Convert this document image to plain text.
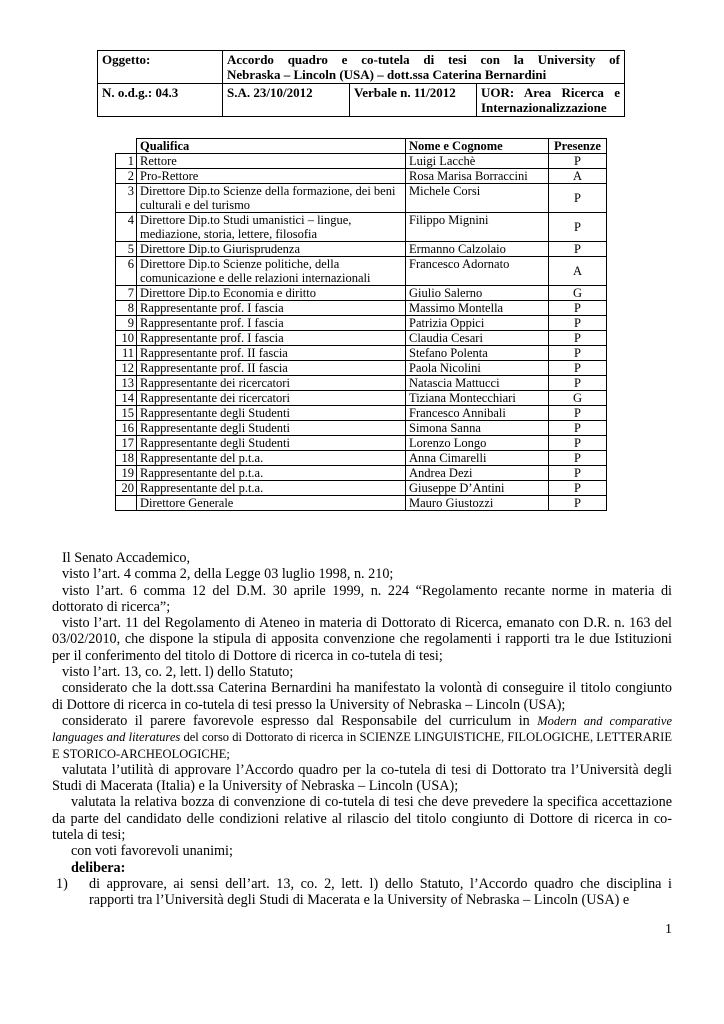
Oggetto:	Accordo quadro e co-tutela di tesi con la University of
Nebraska – Lincoln (USA) – dott.ssa Caterina Bernardini		

N. o.d.g.: 04.3	S.A. 23/10/2012	Verbale n. 11/2012	UOR: Area Ricerca e
Internazionalizzazione
	Qualifica	Nome e Cognome	Presenze
1	Rettore	Luigi Lacchè	P
2	Pro-Rettore	Rosa Marisa Borraccini	A
3	Direttore Dip.to Scienze della formazione, dei beni culturali e del turismo	Michele Corsi	P
4	Direttore Dip.to Studi umanistici – lingue, mediazione, storia, lettere, filosofia	Filippo Mignini	P
5	Direttore Dip.to Giurisprudenza	Ermanno Calzolaio	P
6	Direttore Dip.to Scienze politiche, della comunicazione e delle relazioni internazionali	Francesco Adornato	A
7	Direttore Dip.to Economia e diritto	Giulio Salerno	G
8	Rappresentante prof. I fascia	Massimo Montella	P
9	Rappresentante prof. I fascia	Patrizia Oppici	P
10	Rappresentante prof. I fascia	Claudia Cesari	P
11	Rappresentante prof. II fascia	Stefano Polenta	P
12	Rappresentante prof. II fascia	Paola Nicolini	P
13	Rappresentante dei ricercatori	Natascia Mattucci	P
14	Rappresentante dei ricercatori	Tiziana Montecchiari	G
15	Rappresentante degli Studenti	Francesco Annibali	P
16	Rappresentante degli Studenti	Simona Sanna	P
17	Rappresentante degli Studenti	Lorenzo Longo	P
18	Rappresentante del p.t.a.	Anna Cimarelli	P
19	Rappresentante del p.t.a.	Andrea Dezi	P
20	Rappresentante del p.t.a.	Giuseppe D’Antini	P
	Direttore Generale	Mauro Giustozzi	P

Il Senato Accademico,

visto l’art. 4 comma 2, della Legge 03 luglio 1998, n. 210;

visto l’art. 6 comma 12 del D.M. 30 aprile 1999, n. 224 “Regolamento recante norme in materia di dottorato di ricerca”;

visto l’art. 11 del Regolamento di Ateneo in materia di Dottorato di Ricerca, emanato con D.R. n. 163 del 03/02/2010, che dispone la stipula di apposita convenzione che regolamenti i rapporti tra le due Istituzioni per il conferimento del titolo di Dottore di ricerca in co-tutela di tesi;

visto l’art. 13, co. 2, lett. l) dello Statuto;

considerato che la dott.ssa Caterina Bernardini ha manifestato la volontà di conseguire il titolo congiunto di Dottore di ricerca in co-tutela di tesi presso la University of Nebraska – Lincoln (USA);

considerato il parere favorevole espresso dal Responsabile del curriculum in Modern and comparative languages and literatures del corso di Dottorato di ricerca in SCIENZE LINGUISTICHE, FILOLOGICHE, LETTERARIE E STORICO-ARCHEOLOGICHE;

valutata l’utilità di approvare l’Accordo quadro per la co-tutela di tesi di Dottorato tra l’Università degli Studi di Macerata (Italia) e la University of Nebraska – Lincoln (USA);

valutata la relativa bozza di convenzione di co-tutela di tesi che deve prevedere la specifica accettazione da parte del candidato delle condizioni relative al rilascio del titolo congiunto di Dottore di ricerca in co-tutela di tesi;

con voti favorevoli unanimi;

delibera:

1)	di approvare, ai sensi dell’art. 13, co. 2, lett. l) dello Statuto, l’Accordo quadro che disciplina i rapporti tra l’Università degli Studi di Macerata e la University of Nebraska – Lincoln (USA) e
1
